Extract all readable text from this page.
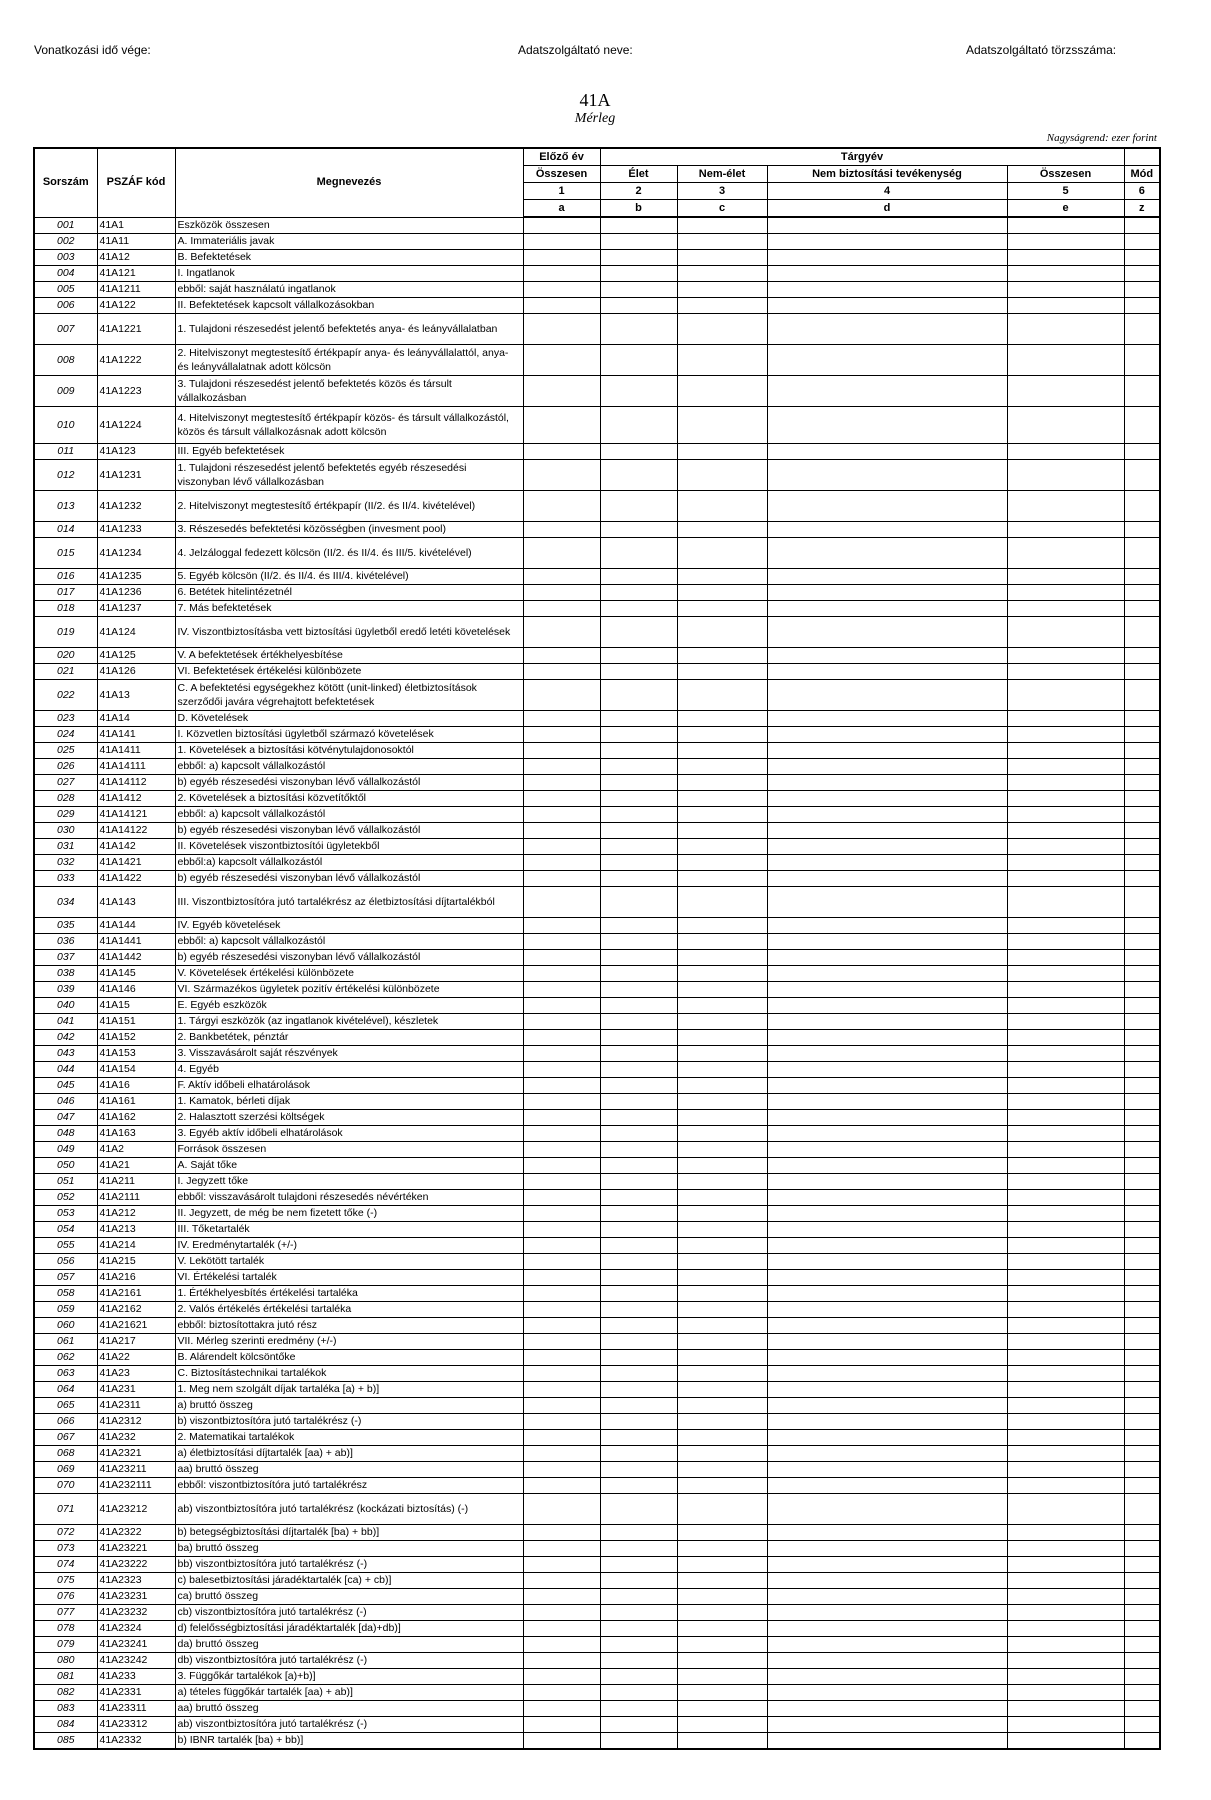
Vonatkozási idő vége:	Adatszolgáltató neve:	Adatszolgáltató törzsszáma:
41A
Mérleg
Nagyságrend: ezer forint
Sorszám	PSZÁF kód	Megnevezés	Előző év	Tárgyév				
			Összesen	Élet	Nem-élet	Nem biztosítási tevékenység	Összesen	Mód
			1	2	3	4	5	6
			a	b	c	d	e	z
001	41A1	Eszközök összesen						
002	41A11	A. Immateriális javak						
003	41A12	B. Befektetések						
004	41A121	I. Ingatlanok						
005	41A1211	ebből: saját használatú ingatlanok						
006	41A122	II. Befektetések kapcsolt vállalkozásokban						
007	41A1221	1. Tulajdoni részesedést jelentő befektetés anya- és leányvállalatban						
008	41A1222	2. Hitelviszonyt megtestesítő értékpapír anya- és leányvállalattól, anya- és leányvállalatnak adott kölcsön						
009	41A1223	3. Tulajdoni részesedést jelentő befektetés közös és társult vállalkozásban						
010	41A1224	4. Hitelviszonyt megtestesítő értékpapír közös- és társult vállalkozástól, közös és társult vállalkozásnak adott kölcsön						
011	41A123	III. Egyéb befektetések						
012	41A1231	1. Tulajdoni részesedést jelentő befektetés egyéb részesedési viszonyban lévő vállalkozásban						
013	41A1232	2. Hitelviszonyt megtestesítő értékpapír (II/2. és II/4. kivételével)						
014	41A1233	3. Részesedés befektetési közösségben (invesment pool)						
015	41A1234	4. Jelzáloggal fedezett kölcsön (II/2. és II/4. és III/5. kivételével)						
016	41A1235	5. Egyéb kölcsön (II/2. és II/4. és III/4. kivételével)						
017	41A1236	6. Betétek hitelintézetnél						
018	41A1237	7. Más befektetések						
019	41A124	IV. Viszontbiztosításba vett biztosítási ügyletből eredő letéti követelések						
020	41A125	V. A befektetések értékhelyesbítése						
021	41A126	VI. Befektetések értékelési különbözete						
022	41A13	C. A befektetési egységekhez kötött (unit-linked) életbiztosítások szerződői javára végrehajtott befektetések						
023	41A14	D. Követelések						
024	41A141	I. Közvetlen biztosítási ügyletből származó követelések						
025	41A1411	1. Követelések a biztosítási kötvénytulajdonosoktól						
026	41A14111	ebből: a) kapcsolt vállalkozástól						
027	41A14112	b) egyéb részesedési viszonyban lévő vállalkozástól						
028	41A1412	2. Követelések a biztosítási közvetítőktől						
029	41A14121	ebből: a) kapcsolt vállalkozástól						
030	41A14122	b) egyéb részesedési viszonyban lévő vállalkozástól						
031	41A142	II. Követelések viszontbiztosítói ügyletekből						
032	41A1421	ebből:a) kapcsolt vállalkozástól						
033	41A1422	b) egyéb részesedési viszonyban lévő vállalkozástól						
034	41A143	III. Viszontbiztosítóra jutó tartalékrész az életbiztosítási díjtartalékból						
035	41A144	IV. Egyéb követelések						
036	41A1441	ebből: a) kapcsolt vállalkozástól						
037	41A1442	b) egyéb részesedési viszonyban lévő vállalkozástól						
038	41A145	V. Követelések értékelési különbözete						
039	41A146	VI. Származékos ügyletek pozitív értékelési különbözete						
040	41A15	E. Egyéb eszközök						
041	41A151	1. Tárgyi eszközök (az ingatlanok kivételével), készletek						
042	41A152	2. Bankbetétek, pénztár						
043	41A153	3. Visszavásárolt saját részvények						
044	41A154	4. Egyéb						
045	41A16	F. Aktív időbeli elhatárolások						
046	41A161	1. Kamatok, bérleti díjak						
047	41A162	2. Halasztott szerzési költségek						
048	41A163	3. Egyéb aktív időbeli elhatárolások						
049	41A2	Források összesen						
050	41A21	A. Saját tőke						
051	41A211	I. Jegyzett tőke						
052	41A2111	ebből: visszavásárolt tulajdoni részesedés névértéken						
053	41A212	II. Jegyzett, de még be nem fizetett tőke (-)						
054	41A213	III. Tőketartalék						
055	41A214	IV. Eredménytartalék (+/-)						
056	41A215	V. Lekötött tartalék						
057	41A216	VI. Értékelési tartalék						
058	41A2161	1. Értékhelyesbítés értékelési tartaléka						
059	41A2162	2. Valós értékelés értékelési tartaléka						
060	41A21621	ebből: biztosítottakra jutó rész						
061	41A217	VII. Mérleg szerinti eredmény (+/-)						
062	41A22	B. Alárendelt kölcsöntőke						
063	41A23	C. Biztosítástechnikai tartalékok						
064	41A231	1. Meg nem szolgált díjak tartaléka [a) + b)]						
065	41A2311	a) bruttó összeg						
066	41A2312	b) viszontbiztosítóra jutó tartalékrész (-)						
067	41A232	2. Matematikai tartalékok						
068	41A2321	a) életbiztosítási díjtartalék [aa) + ab)]						
069	41A23211	aa) bruttó összeg						
070	41A232111	ebből: viszontbiztosítóra jutó tartalékrész						
071	41A23212	ab) viszontbiztosítóra jutó tartalékrész (kockázati biztosítás) (-)						
072	41A2322	b) betegségbiztosítási díjtartalék [ba) + bb)]						
073	41A23221	ba) bruttó összeg						
074	41A23222	bb) viszontbiztosítóra jutó tartalékrész (-)						
075	41A2323	c) balesetbiztosítási járadéktartalék [ca) + cb)]						
076	41A23231	ca) bruttó összeg						
077	41A23232	cb) viszontbiztosítóra jutó tartalékrész (-)						
078	41A2324	d) felelősségbiztosítási járadéktartalék [da)+db)]						
079	41A23241	da) bruttó összeg						
080	41A23242	db) viszontbiztosítóra jutó tartalékrész (-)						
081	41A233	3. Függőkár tartalékok [a)+b)]						
082	41A2331	a) tételes függőkár tartalék [aa) + ab)]						
083	41A23311	aa) bruttó összeg						
084	41A23312	ab) viszontbiztosítóra jutó tartalékrész (-)						
085	41A2332	b) IBNR tartalék [ba) + bb)]						
